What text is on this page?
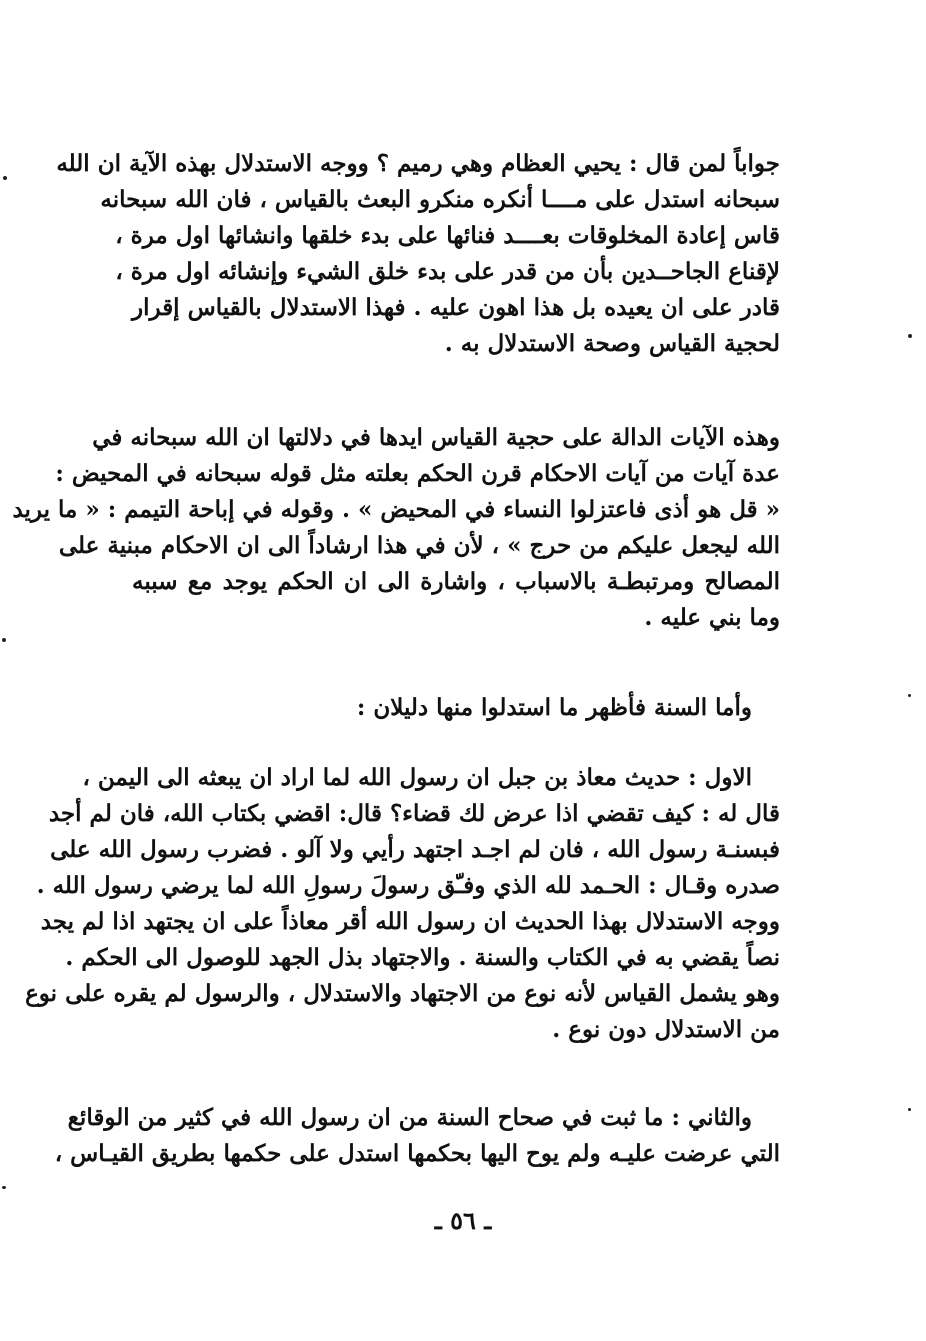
جواباً لمن قال : يحيي العظام وهي رميم ؟ ووجه الاستدلال بهذه الآية ان الله
سبحانه استدل على مــــا أنكره منكرو البعث بالقياس ، فان الله سبحانه
قاس إعادة المخلوقات بعــــد فنائها على بدء خلقها وانشائها اول مرة ،
لإقناع الجاحــدين بأن من قدر على بدء خلق الشيء وإنشائه اول مرة ،
قادر على ان يعيده بل هذا اهون عليه . فهذا الاستدلال بالقياس إقرار
لحجية القياس وصحة الاستدلال به .
وهذه الآيات الدالة على حجية القياس ايدها في دلالتها ان الله سبحانه في
عدة آيات من آيات الاحكام قرن الحكم بعلته مثل قوله سبحانه في المحيض :
« قل هو أذى فاعتزلوا النساء في المحيض » . وقوله في إباحة التيمم : « ما يريد
الله ليجعل عليكم من حرج » ، لأن في هذا ارشاداً الى ان الاحكام مبنية على
المصالح ومرتبطـة بالاسباب ، واشارة الى ان الحكم يوجد مع سببه
وما بني عليه .
وأما السنة فأظهر ما استدلوا منها دليلان :
الاول : حديث معاذ بن جبل ان رسول الله لما اراد ان يبعثه الى اليمن ،
قال له : كيف تقضي اذا عرض لك قضاء؟ قال: اقضي بكتاب الله، فان لم أجد
فبسنـة رسول الله ، فان لم اجـد اجتهد رأيي ولا آلو . فضرب رسول الله على
صدره وقـال : الحـمد لله الذي وفـّق رسولَ رسولِ الله لما يرضي رسول الله .
ووجه الاستدلال بهذا الحديث ان رسول الله أقر معاذاً على ان يجتهد اذا لم يجد
نصاً يقضي به في الكتاب والسنة . والاجتهاد بذل الجهد للوصول الى الحكم .
وهو يشمل القياس لأنه نوع من الاجتهاد والاستدلال ، والرسول لم يقره على نوع
من الاستدلال دون نوع .
والثاني : ما ثبت في صحاح السنة من ان رسول الله في كثير من الوقائع
التي عرضت عليـه ولم يوح اليها بحكمها استدل على حكمها بطريق القيـاس ،
ـ ٥٦ ـ
